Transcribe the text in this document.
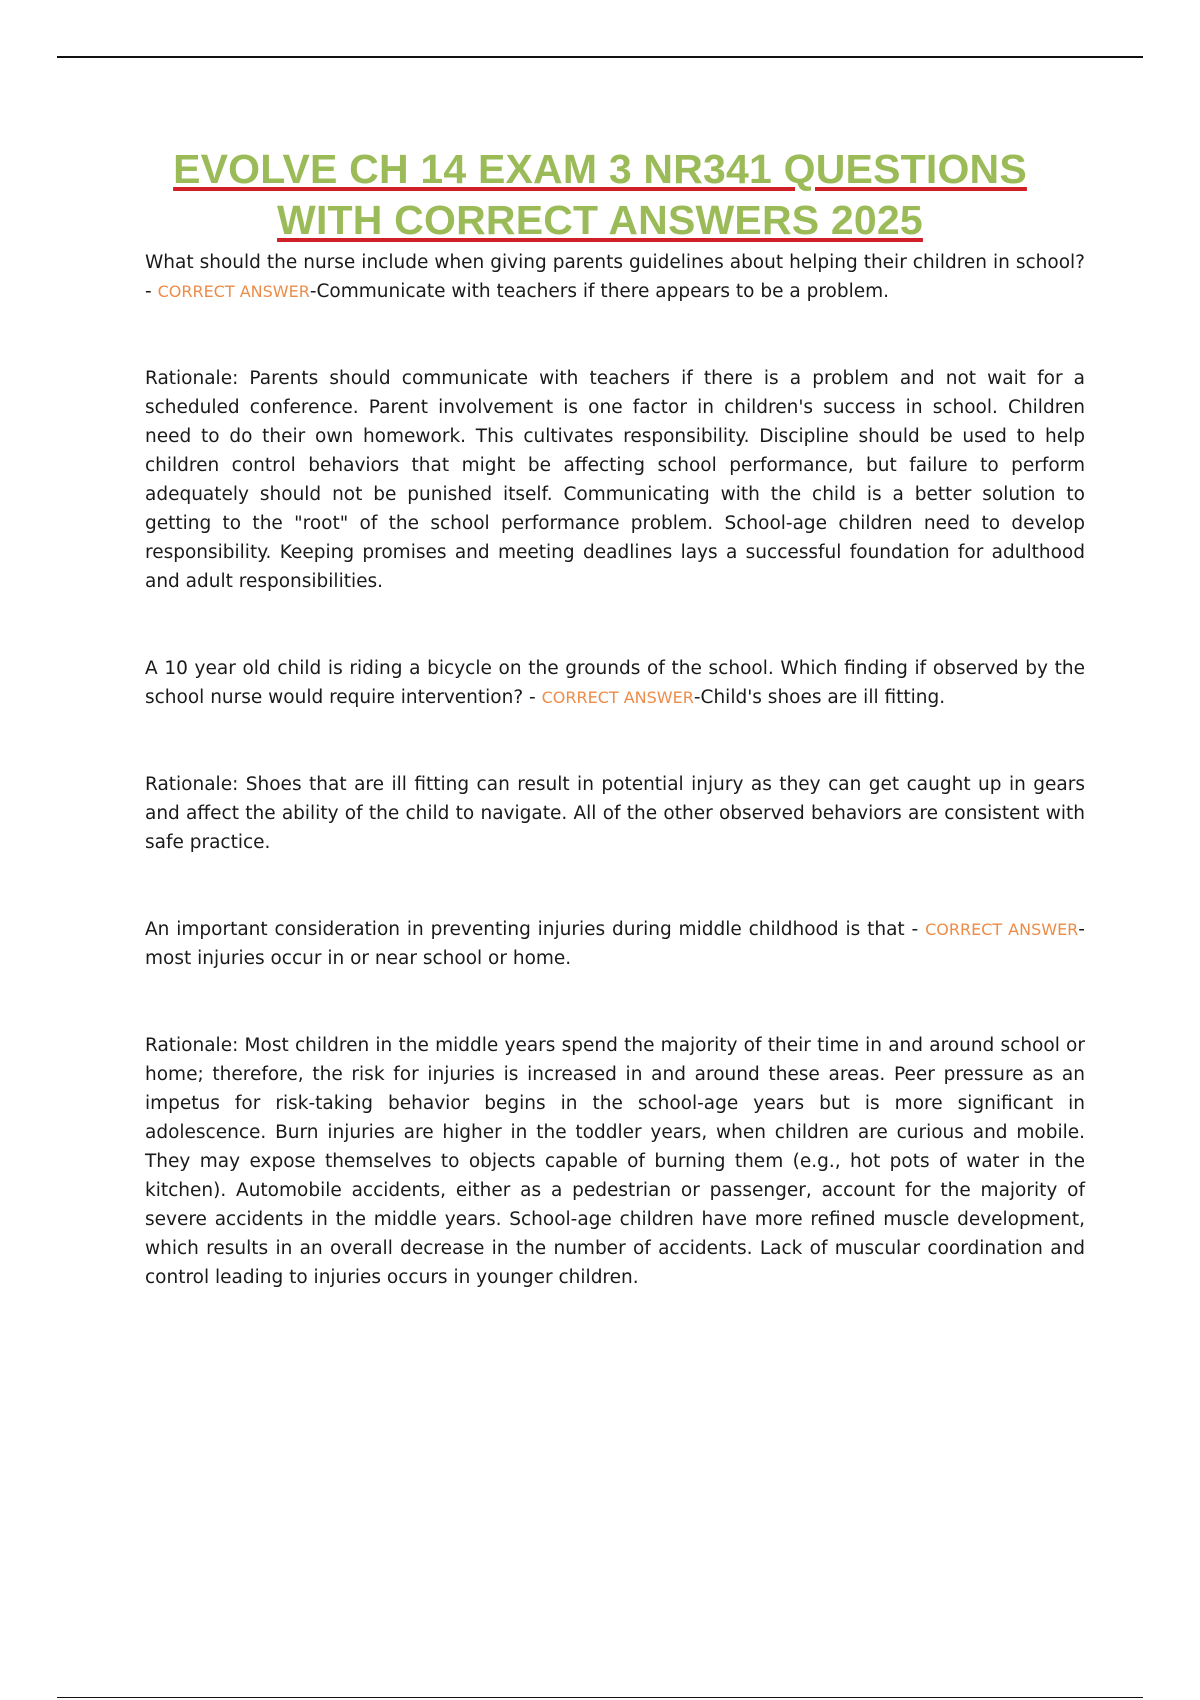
EVOLVE CH 14 EXAM 3 NR341 QUESTIONS
WITH CORRECT ANSWERS 2025

What should the nurse include when giving parents guidelines about helping their children in school? - CORRECT ANSWER-Communicate with teachers if there appears to be a problem.

Rationale: Parents should communicate with teachers if there is a problem and not wait for a scheduled conference. Parent involvement is one factor in children's success in school. Children need to do their own homework. This cultivates responsibility. Discipline should be used to help children control behaviors that might be affecting school performance, but failure to perform adequately should not be punished itself. Communicating with the child is a better solution to getting to the "root" of the school performance problem. School-age children need to develop responsibility. Keeping promises and meeting deadlines lays a successful foundation for adulthood and adult responsibilities.

A 10 year old child is riding a bicycle on the grounds of the school. Which finding if observed by the school nurse would require intervention? - CORRECT ANSWER-Child's shoes are ill fitting.

Rationale: Shoes that are ill fitting can result in potential injury as they can get caught up in gears and affect the ability of the child to navigate. All of the other observed behaviors are consistent with safe practice.

An important consideration in preventing injuries during middle childhood is that - CORRECT ANSWER-most injuries occur in or near school or home.

Rationale: Most children in the middle years spend the majority of their time in and around school or home; therefore, the risk for injuries is increased in and around these areas. Peer pressure as an impetus for risk-taking behavior begins in the school-age years but is more significant in adolescence. Burn injuries are higher in the toddler years, when children are curious and mobile. They may expose themselves to objects capable of burning them (e.g., hot pots of water in the kitchen). Automobile accidents, either as a pedestrian or passenger, account for the majority of severe accidents in the middle years. School-age children have more refined muscle development, which results in an overall decrease in the number of accidents. Lack of muscular coordination and control leading to injuries occurs in younger children.
